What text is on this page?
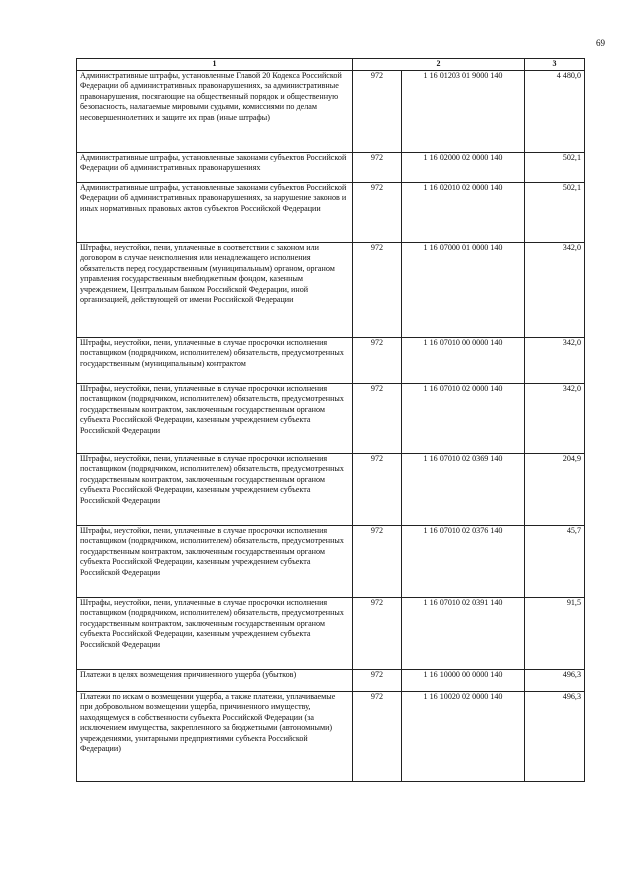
69
1	2		3
Административные штрафы, установленные Главой 20 Кодекса Российской Федерации об административных правонарушениях, за административные правонарушения, посягающие на общественный порядок и общественную безопасность, налагаемые мировыми судьями, комиссиями по делам несовершеннолетних и защите их прав (иные штрафы)	972	1 16 01203 01 9000 140	4 480,0
Административные штрафы, установленные законами субъектов Российской Федерации об административных правонарушениях	972	1 16 02000 02 0000 140	502,1
Административные штрафы, установленные законами субъектов Российской Федерации об административных правонарушениях, за нарушение законов и иных нормативных правовых актов субъектов Российской Федерации	972	1 16 02010 02 0000 140	502,1
Штрафы, неустойки, пени, уплаченные в соответствии с законом или договором в случае неисполнения или ненадлежащего исполнения обязательств перед государственным (муниципальным) органом, органом управления государственным внебюджетным фондом, казенным учреждением, Центральным банком Российской Федерации, иной организацией, действующей от имени Российской Федерации	972	1 16 07000 01 0000 140	342,0
Штрафы, неустойки, пени, уплаченные в случае просрочки исполнения поставщиком (подрядчиком, исполнителем) обязательств, предусмотренных государственным (муниципальным) контрактом	972	1 16 07010 00 0000 140	342,0
Штрафы, неустойки, пени, уплаченные в случае просрочки исполнения поставщиком (подрядчиком, исполнителем) обязательств, предусмотренных государственным контрактом, заключенным государственным органом субъекта Российской Федерации, казенным учреждением субъекта Российской Федерации	972	1 16 07010 02 0000 140	342,0
Штрафы, неустойки, пени, уплаченные в случае просрочки исполнения поставщиком (подрядчиком, исполнителем) обязательств, предусмотренных государственным контрактом, заключенным государственным органом субъекта Российской Федерации, казенным учреждением субъекта Российской Федерации	972	1 16 07010 02 0369 140	204,9
Штрафы, неустойки, пени, уплаченные в случае просрочки исполнения поставщиком (подрядчиком, исполнителем) обязательств, предусмотренных государственным контрактом, заключенным государственным органом субъекта Российской Федерации, казенным учреждением субъекта Российской Федерации	972	1 16 07010 02 0376 140	45,7
Штрафы, неустойки, пени, уплаченные в случае просрочки исполнения поставщиком (подрядчиком, исполнителем) обязательств, предусмотренных государственным контрактом, заключенным государственным органом субъекта Российской Федерации, казенным учреждением субъекта Российской Федерации	972	1 16 07010 02 0391 140	91,5
Платежи в целях возмещения причиненного ущерба (убытков)	972	1 16 10000 00 0000 140	496,3
Платежи по искам о возмещении ущерба, а также платежи, уплачиваемые при добровольном возмещении ущерба, причиненного имуществу, находящемуся в собственности субъекта Российской Федерации (за исключением имущества, закрепленного за бюджетными (автономными) учреждениями, унитарными предприятиями субъекта Российской Федерации)	972	1 16 10020 02 0000 140	496,3
